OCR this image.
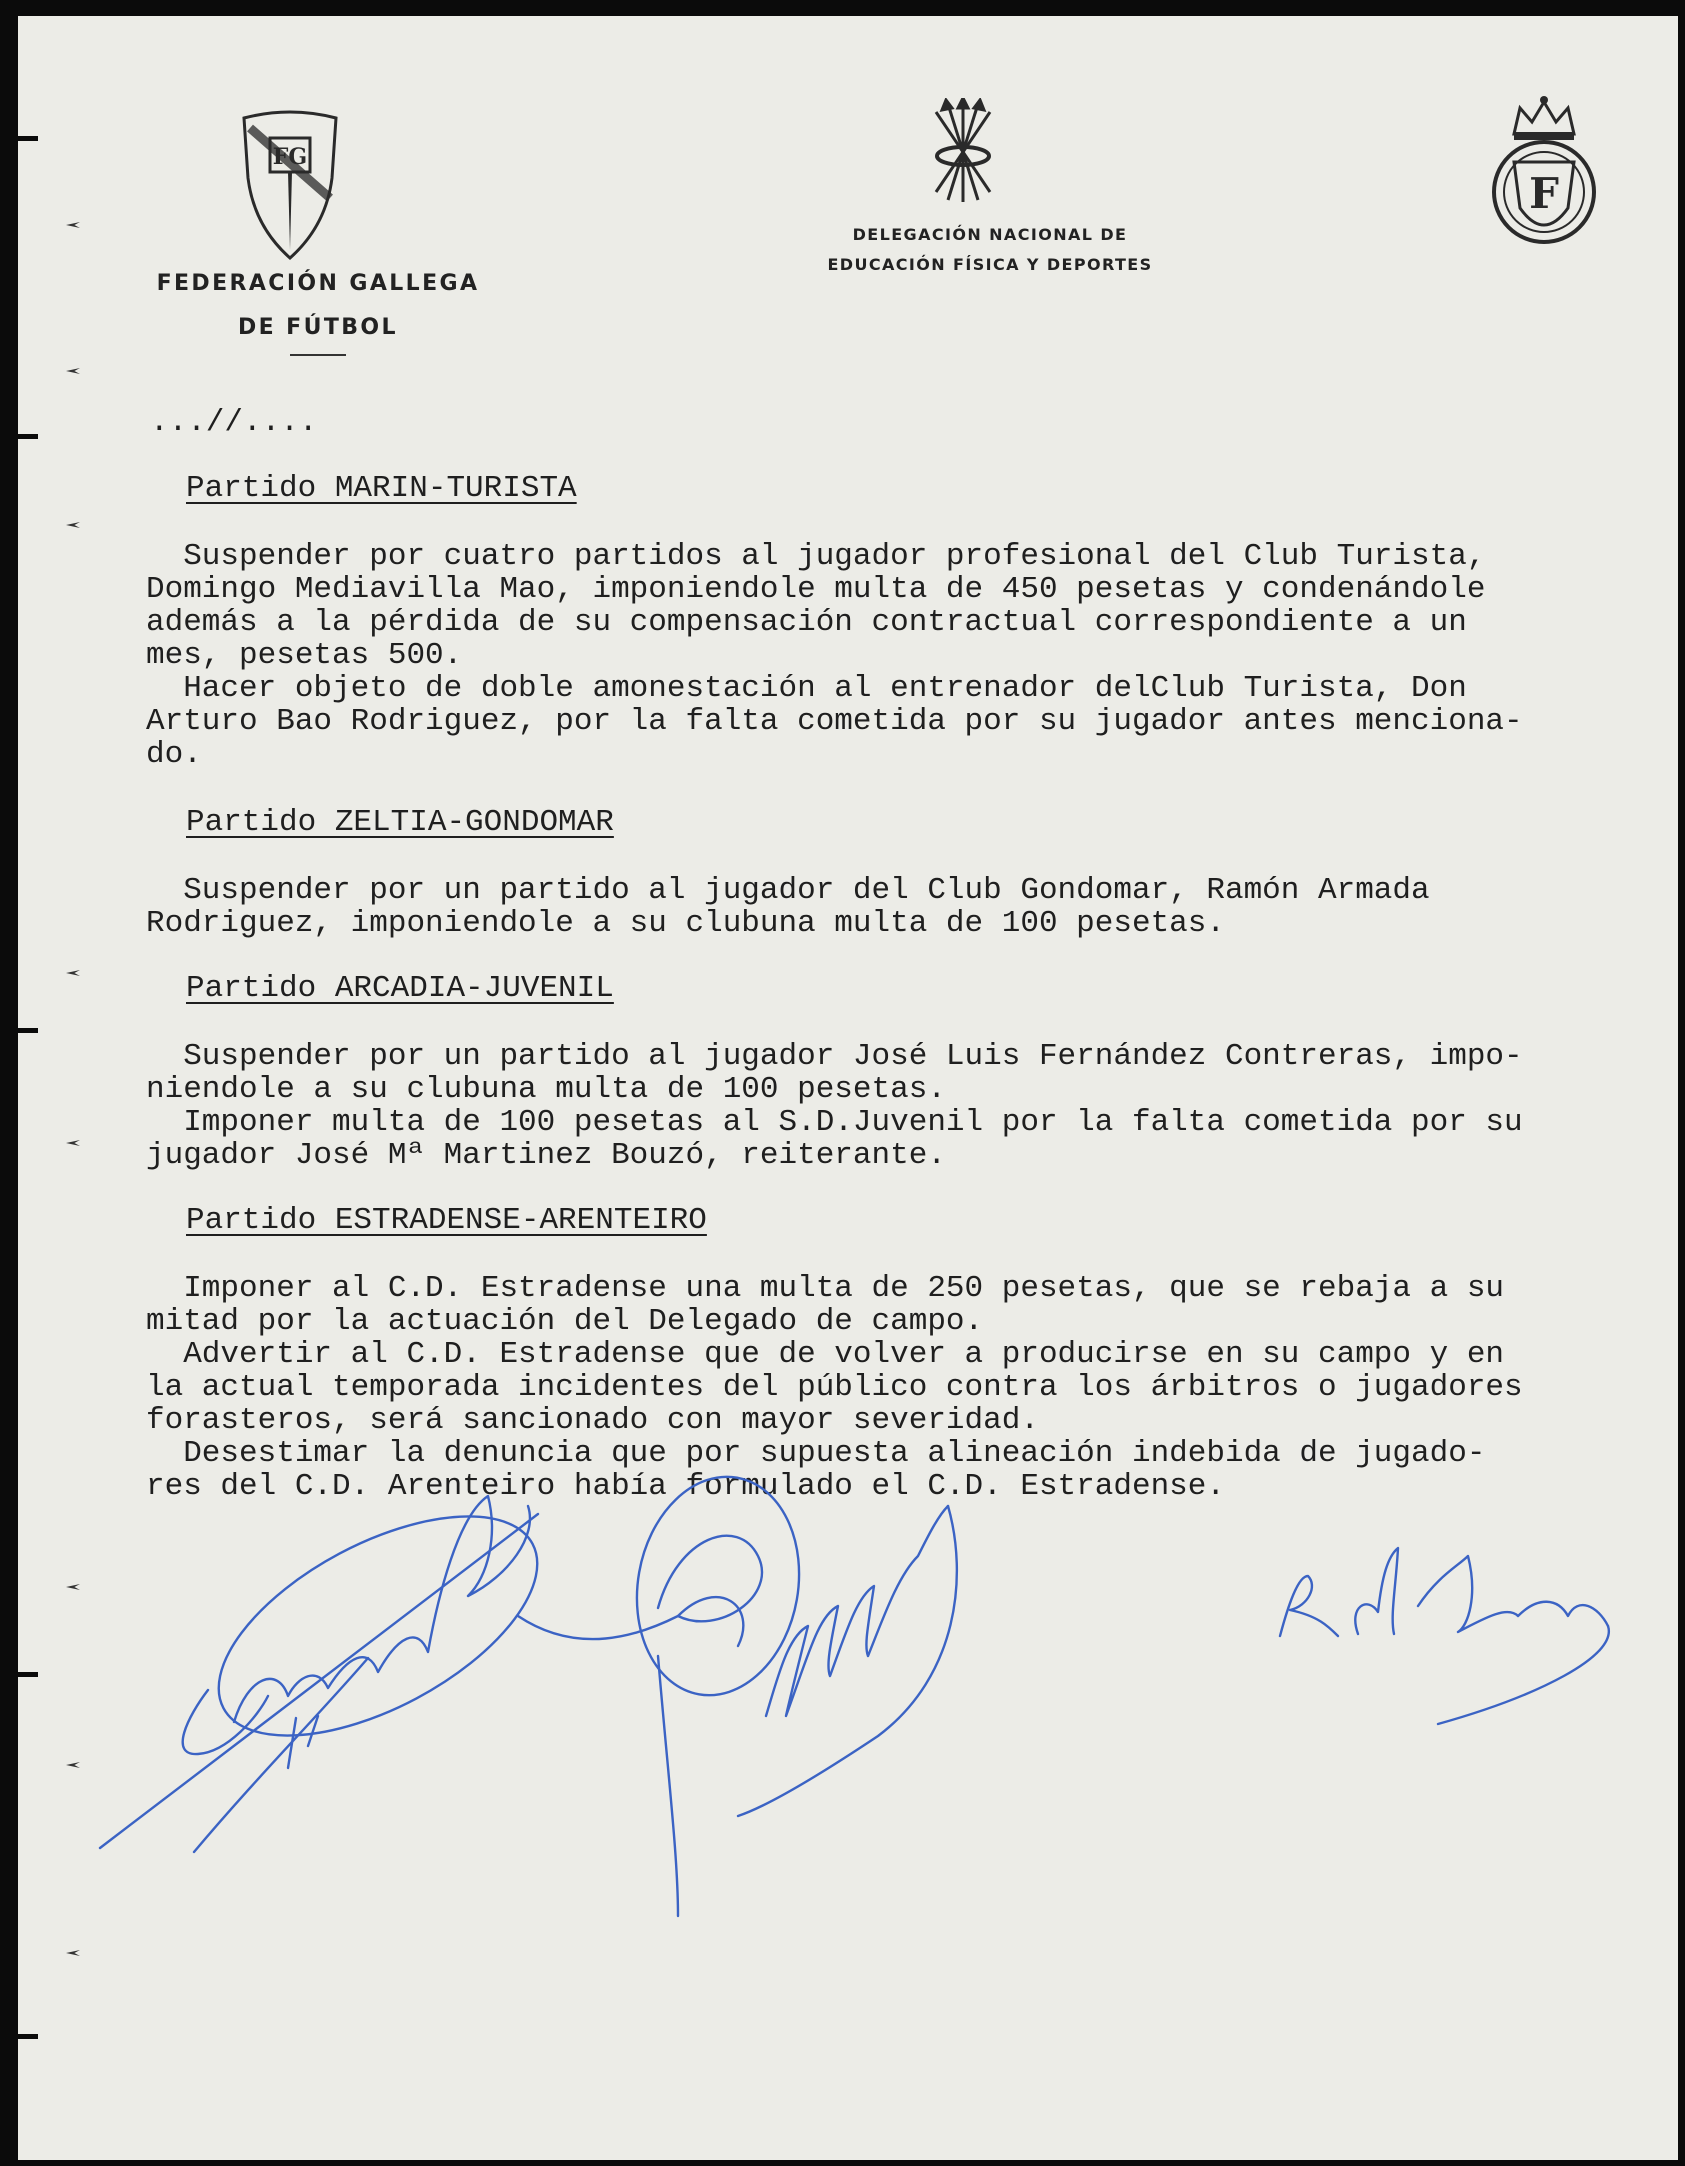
FG
F
FEDERACIÓN GALLEGA
DE FÚTBOL
DELEGACIÓN NACIONAL DE
EDUCACIÓN FÍSICA Y DEPORTES

...//....

Partido MARIN-TURISTA

Suspender por cuatro partidos al jugador profesional del Club Turista,

Domingo Mediavilla Mao, imponiendole multa de 450 pesetas y condenándole

además a la pérdida de su compensación contractual correspondiente a un

mes, pesetas 500.

Hacer objeto de doble amonestación al entrenador delClub Turista, Don

Arturo Bao Rodriguez, por la falta cometida por su jugador antes menciona-

do.

Partido ZELTIA-GONDOMAR

Suspender por un partido al jugador del Club Gondomar, Ramón Armada

Rodriguez, imponiendole a su clubuna multa de 100 pesetas.

Partido ARCADIA-JUVENIL

Suspender por un partido al jugador José Luis Fernández Contreras, impo-

niendole a su clubuna multa de 100 pesetas.

Imponer multa de 100 pesetas al S.D.Juvenil por la falta cometida por su

jugador José Mª Martinez Bouzó, reiterante.

Partido ESTRADENSE-ARENTEIRO

Imponer al C.D. Estradense una multa de 250 pesetas, que se rebaja a su

mitad por la actuación del Delegado de campo.

Advertir al C.D. Estradense que de volver a producirse en su campo y en

la actual temporada incidentes del público contra los árbitros o jugadores

forasteros, será sancionado con mayor severidad.

Desestimar la denuncia que por supuesta alineación indebida de jugado-

res del C.D. Arenteiro había formulado el C.D. Estradense.
